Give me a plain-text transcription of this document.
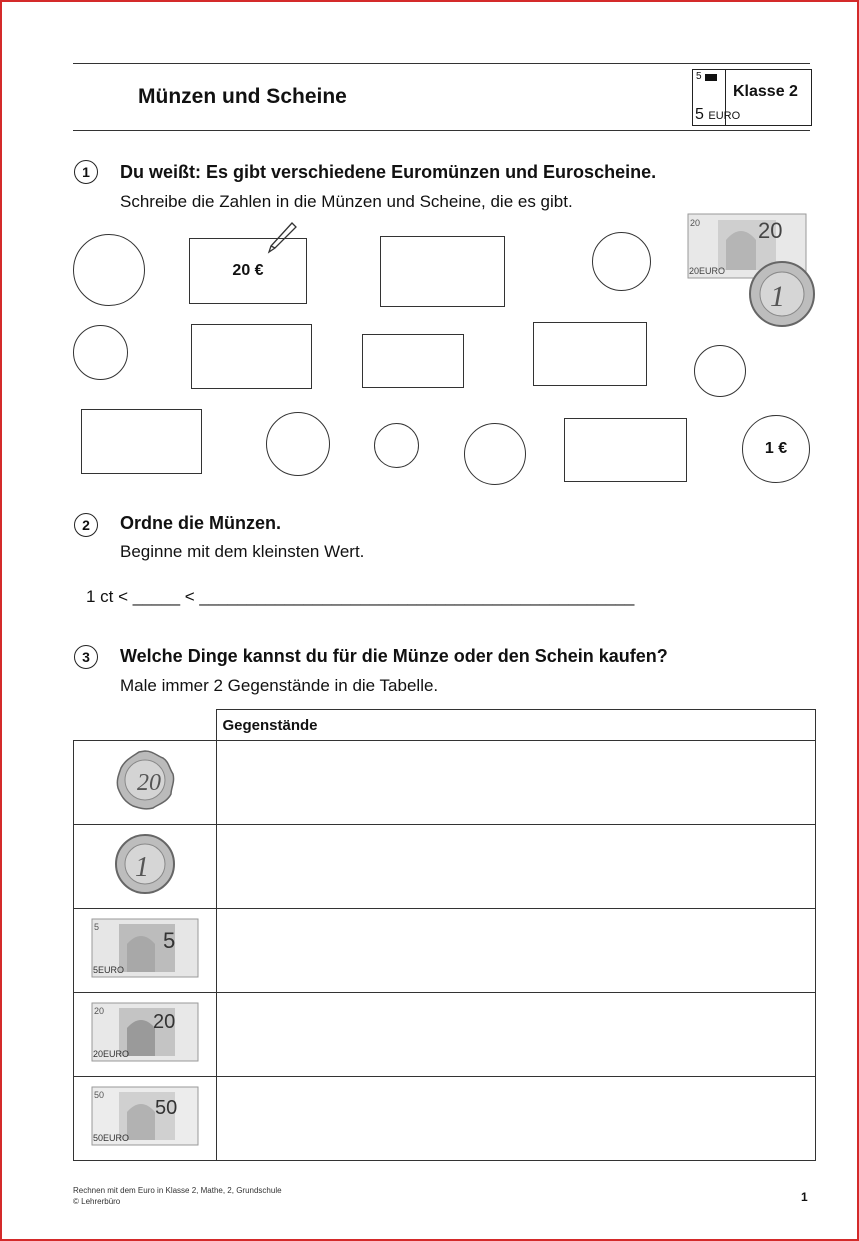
Münzen und Scheine
5
Klasse 2
5 EURO
1	Du weißt: Es gibt verschiedene Euromünzen und Euroscheine.
Schreibe die Zahlen in die Münzen und Scheine, die es gibt.
20 €
20	20
20EURO
1
1 €
2	Ordne die Münzen.
Beginne mit dem kleinsten Wert.
1 ct < _____ < ______________________________________________
3	Welche Dinge kannst du für die Münze oder den Schein kaufen?
Male immer 2 Gegenstände in die Tabelle.
	Gegenstände

20	

1	

5
5
5EURO	

20 20
20EURO	

50
50
50EURO	

Rechnen mit dem Euro in Klasse 2, Mathe, 2, Grundschule
© Lehrerbüro	1
